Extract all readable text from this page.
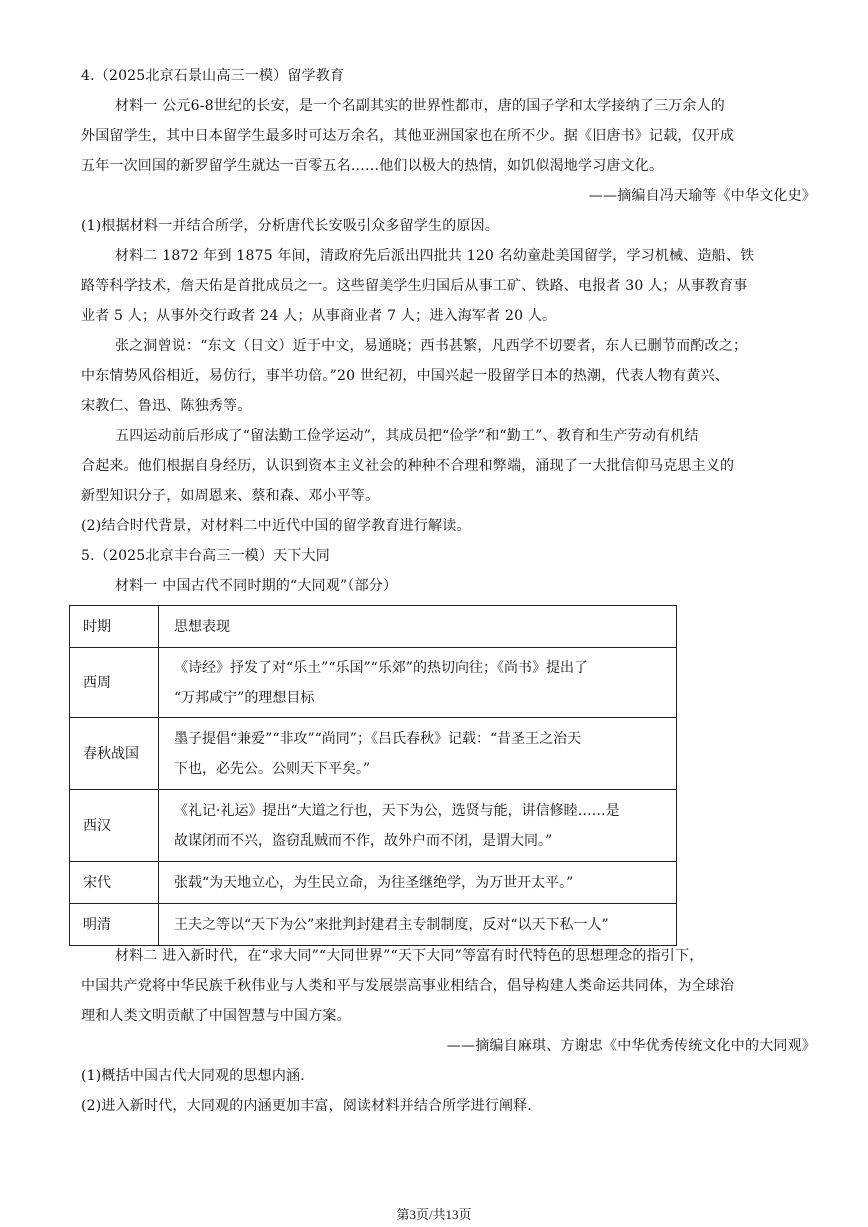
4.（2025北京石景山高三一模）留学教育
材料一 公元6-8世纪的长安，是一个名副其实的世界性都市，唐的国子学和太学接纳了三万余人的
外国留学生，其中日本留学生最多时可达万余名，其他亚洲国家也在所不少。据《旧唐书》记载，仅开成
五年一次回国的新罗留学生就达一百零五名……他们以极大的热情，如饥似渴地学习唐文化。
——摘编自冯天瑜等《中华文化史》
(1)根据材料一并结合所学，分析唐代长安吸引众多留学生的原因。
材料二 1872 年到 1875 年间，清政府先后派出四批共 120 名幼童赴美国留学，学习机械、造船、铁
路等科学技术，詹天佑是首批成员之一。这些留美学生归国后从事工矿、铁路、电报者 30 人；从事教育事
业者 5 人；从事外交行政者 24 人；从事商业者 7 人；进入海军者 20 人。
张之洞曾说：“东文（日文）近于中文，易通晓；西书甚繁，凡西学不切要者，东人已删节而酌改之；
中东情势风俗相近，易仿行，事半功倍。”20 世纪初，中国兴起一股留学日本的热潮，代表人物有黄兴、
宋教仁、鲁迅、陈独秀等。
五四运动前后形成了“留法勤工俭学运动”，其成员把“俭学”和“勤工”、教育和生产劳动有机结
合起来。他们根据自身经历，认识到资本主义社会的种种不合理和弊端，涌现了一大批信仰马克思主义的
新型知识分子，如周恩来、蔡和森、邓小平等。
(2)结合时代背景，对材料二中近代中国的留学教育进行解读。
5.（2025北京丰台高三一模）天下大同
材料一 中国古代不同时期的“大同观”（部分）
时期	思想表现
西周	《诗经》抒发了对“乐土”“乐国”“乐郊”的热切向往；《尚书》提出了
“万邦咸宁”的理想目标

春秋战国	墨子提倡“兼爱”“非攻”“尚同”；《吕氏春秋》记载：“昔圣王之治天
下也，必先公。公则天下平矣。”

西汉	《礼记·礼运》提出“大道之行也，天下为公，选贤与能，讲信修睦……是
故谋闭而不兴，盗窃乱贼而不作，故外户而不闭，是谓大同。”

宋代	张载“为天地立心，为生民立命，为往圣继绝学，为万世开太平。”

明清	王夫之等以“天下为公”来批判封建君主专制制度，反对“以天下私一人”
材料二 进入新时代，在“求大同”“大同世界”“天下大同”等富有时代特色的思想理念的指引下，
中国共产党将中华民族千秋伟业与人类和平与发展崇高事业相结合，倡导构建人类命运共同体，为全球治
理和人类文明贡献了中国智慧与中国方案。
——摘编自麻琪、方谢忠《中华优秀传统文化中的大同观》
(1)概括中国古代大同观的思想内涵．
(2)进入新时代，大同观的内涵更加丰富，阅读材料并结合所学进行阐释．
第3页/共13页
